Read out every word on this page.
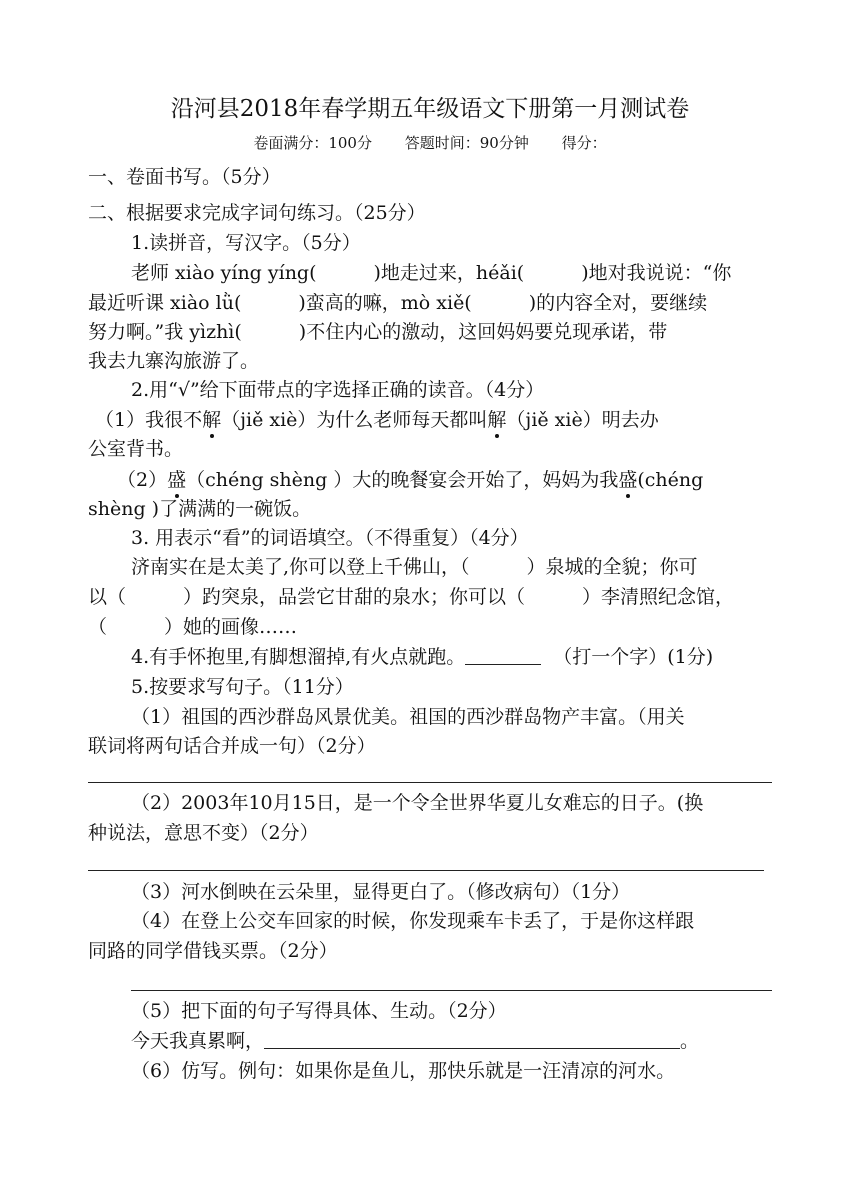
沿河县2018年春学期五年级语文下册第一月测试卷
卷面满分：100分 答题时间：90分钟 得分：
一、卷面书写。（5分）
二、根据要求完成字词句练习。（25分）
1.读拼音，写汉字。（5分）
老师 xiào yíng yíng(　　　)地走过来，héǎi(　　　)地对我说说：“你
最近听课 xiào lǜ(　　　)蛮高的嘛，mò xiě(　　　)的内容全对，要继续
努力啊。”我 yìzhì(　　　)不住内心的激动，这回妈妈要兑现承诺，带
我去九寨沟旅游了。
2.用“√”给下面带点的字选择正确的读音。（4分）
（1）我很不解（jiě xiè）为什么老师每天都叫解（jiě xiè）明去办
公室背书。
（2）盛（chéng shèng ）大的晚餐宴会开始了，妈妈为我盛(chéng
shèng )了满满的一碗饭。
3. 用表示“看”的词语填空。（不得重复）（4分）
济南实在是太美了,你可以登上千佛山，（　　　）泉城的全貌；你可
以（　　　）趵突泉，品尝它甘甜的泉水；你可以（　　　）李清照纪念馆，
（　　　）她的画像……
4.有手怀抱里,有脚想溜掉,有火点就跑。	（打一个字）(1分)
5.按要求写句子。（11分）
（1）祖国的西沙群岛风景优美。祖国的西沙群岛物产丰富。（用关
联词将两句话合并成一句）（2分）
（2）2003年10月15日，是一个令全世界华夏儿女难忘的日子。(换
种说法，意思不变）（2分）
（3）河水倒映在云朵里，显得更白了。（修改病句）（1分）
（4）在登上公交车回家的时候，你发现乘车卡丢了，于是你这样跟
同路的同学借钱买票。（2分）
（5）把下面的句子写得具体、生动。（2分）
今天我真累啊，	。
（6）仿写。例句：如果你是鱼儿，那快乐就是一汪清凉的河水。
